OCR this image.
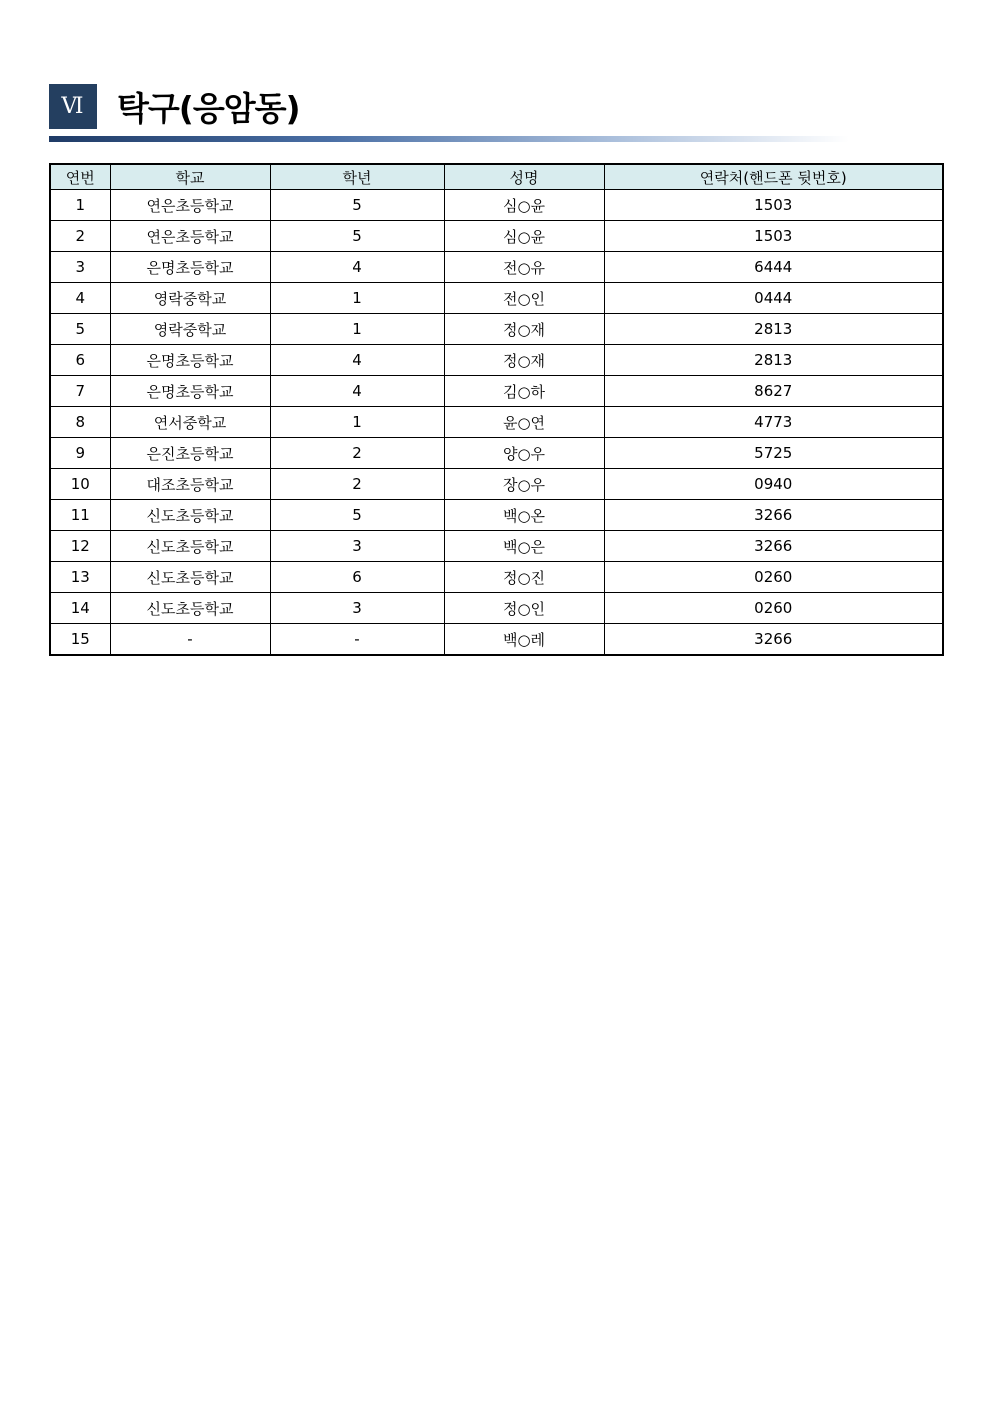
Ⅵ 탁구(응암동)
연번	학교	학년	성명	연락처(핸드폰 뒷번호)
1	연은초등학교	5	심○윤	1503
2	연은초등학교	5	심○윤	1503
3	은명초등학교	4	전○유	6444
4	영락중학교	1	전○인	0444
5	영락중학교	1	정○재	2813
6	은명초등학교	4	정○재	2813
7	은명초등학교	4	김○하	8627
8	연서중학교	1	윤○연	4773
9	은진초등학교	2	양○우	5725
10	대조초등학교	2	장○우	0940
11	신도초등학교	5	백○온	3266
12	신도초등학교	3	백○은	3266
13	신도초등학교	6	정○진	0260
14	신도초등학교	3	정○인	0260
15	-	-	백○레	3266
